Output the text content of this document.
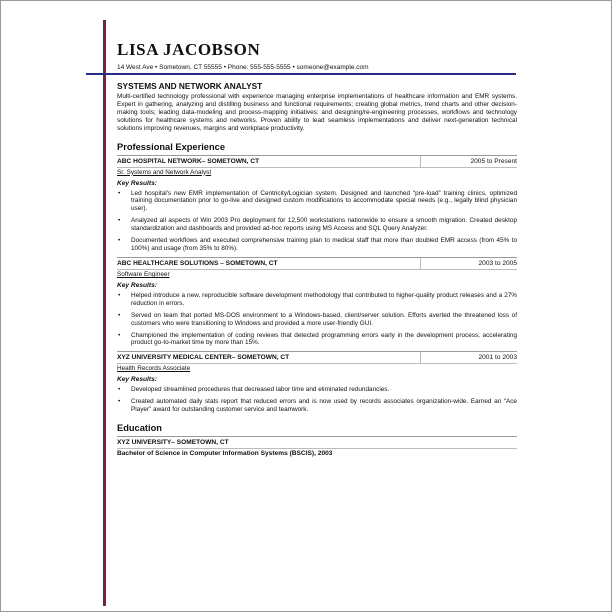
LISA JACOBSON
14 West Ave • Sometown, CT 55555 • Phone: 555-555-5555 • someone@example.com
SYSTEMS AND NETWORK ANALYST
Multi-certified technology professional with experience managing enterprise implementations of healthcare information and EMR systems. Expert in gathering, analyzing and distilling business and functional requirements; creating global metrics, trend charts and other decision-making tools; leading data-modeling and process-mapping initiatives; and designing/re-engineering processes, workflows and technology solutions for healthcare systems and networks. Proven ability to lead seamless implementations and deliver next-generation technical solutions improving revenues, margins and workplace productivity.
Professional Experience
ABC HOSPITAL NETWORK– SOMETOWN, CT	2005 to Present
Sr. Systems and Network Analyst
Key Results:
• Led hospital's new EMR implementation of Centricity/Logician system. Designed and launched “pre-load” training clinics, optimized training documentation prior to go-live and designed custom modifications to accommodate special needs (e.g., legally blind physician user).
• Analyzed all aspects of Win 2003 Pro deployment for 12,500 workstations nationwide to ensure a smooth migration. Created desktop standardization and dashboards and provided ad-hoc reports using MS Access and SQL Query Analyzer.
• Documented workflows and executed comprehensive training plan to medical staff that more than doubled EMR access (from 45% to 100%) and usage (from 35% to 80%).
ABC HEALTHCARE SOLUTIONS – SOMETOWN, CT	2003 to 2005
Software Engineer
Key Results:
• Helped introduce a new, reproducible software development methodology that contributed to higher-quality product releases and a 27% reduction in errors.
• Served on team that ported MS-DOS environment to a Windows-based, client/server solution. Efforts averted the threatened loss of customers who were transitioning to Windows and provided a more user-friendly GUI.
• Championed the implementation of coding reviews that detected programming errors early in the development process, accelerating product go-to-market time by more than 15%.
XYZ UNIVERSITY MEDICAL CENTER– SOMETOWN, CT	2001 to 2003
Health Records Associate
Key Results:
• Developed streamlined procedures that decreased labor time and eliminated redundancies.
• Created automated daily stats report that reduced errors and is now used by records associates organization-wide. Earned an “Ace Player” award for outstanding customer service and teamwork.
Education
XYZ UNIVERSITY– SOMETOWN, CT
Bachelor of Science in Computer Information Systems (BSCIS), 2003
